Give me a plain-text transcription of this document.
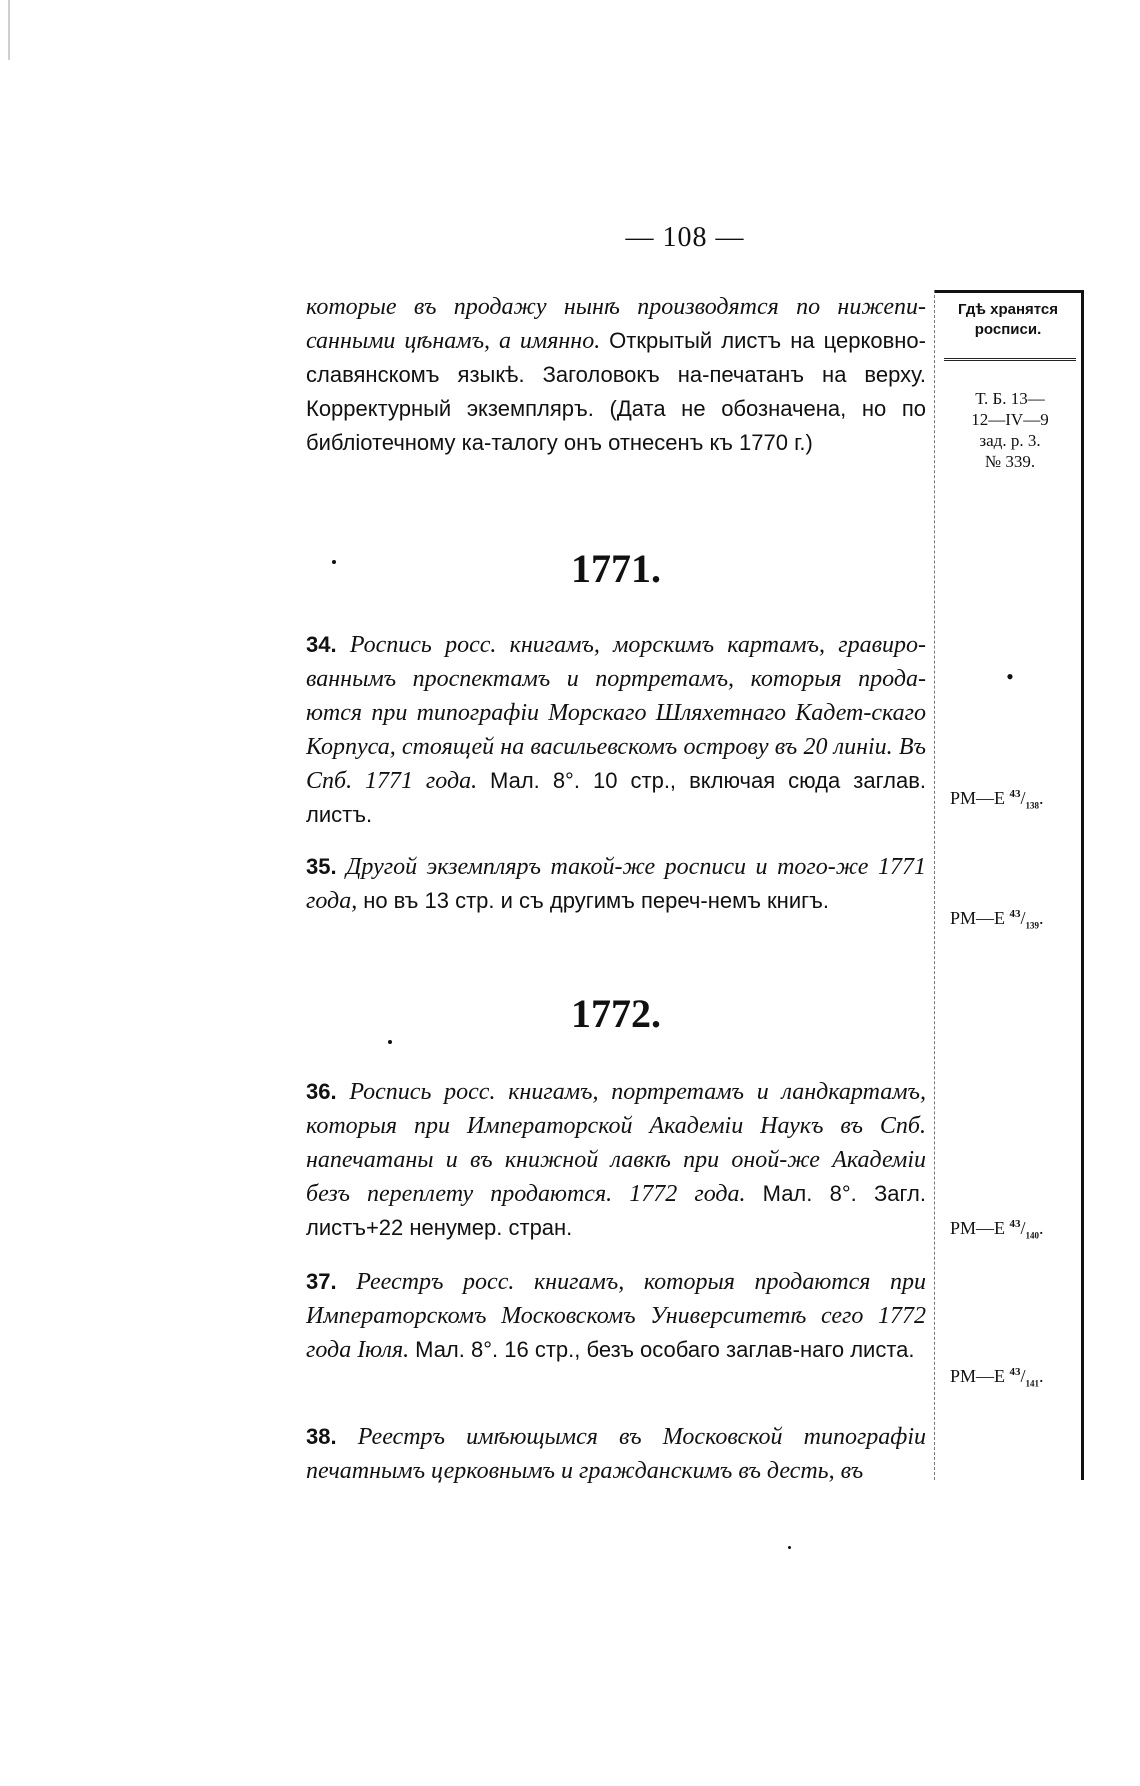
— 108 —
Гдѣ хранятся
росписи.
Т. Б. 13—
12—IV—9
зад. р. 3.
№ 339.
•
РМ—Е $^{43}/_{138}$.
РМ—Е $^{43}/_{139}$.
РМ—Е $^{43}/_{140}$.
РМ—Е $^{43}/_{141}$.

которые въ продажу нынѣ производятся по нижепи-санными цѣнамъ, а имянно. Открытый листъ на церковно-славянскомъ языкѣ. Заголовокъ на-печатанъ на верху. Корректурный экземпляръ. (Дата не обозначена, но по библіотечному ка-талогу онъ отнесенъ къ 1770 г.)

1771.

34. Роспись росс. книгамъ, морскимъ картамъ, гравиро-ваннымъ проспектамъ и портретамъ, которыя прода-ются при типографіи Морскаго Шляхетнаго Кадет-скаго Корпуса, стоящей на васильевскомъ острову въ 20 линіи. Въ Спб. 1771 года. Мал. 8°. 10 стр., включая сюда заглав. листъ.

35. Другой экземпляръ такой-же росписи и того-же 1771 года, но въ 13 стр. и съ другимъ переч-немъ книгъ.

1772.

36. Роспись росс. книгамъ, портретамъ и ландкартамъ, которыя при Императорской Академіи Наукъ въ Спб. напечатаны и въ книжной лавкѣ при оной-же Академіи безъ переплету продаются. 1772 года. Мал. 8°. Загл. листъ+22 ненумер. стран.

37. Реестръ росс. книгамъ, которыя продаются при Императорскомъ Московскомъ Университетѣ сего 1772 года Іюля. Мал. 8°. 16 стр., безъ особаго заглав-наго листа.

38. Реестръ имѣющымся въ Московской типографіи печатнымъ церковнымъ и гражданскимъ въ десть, въ
